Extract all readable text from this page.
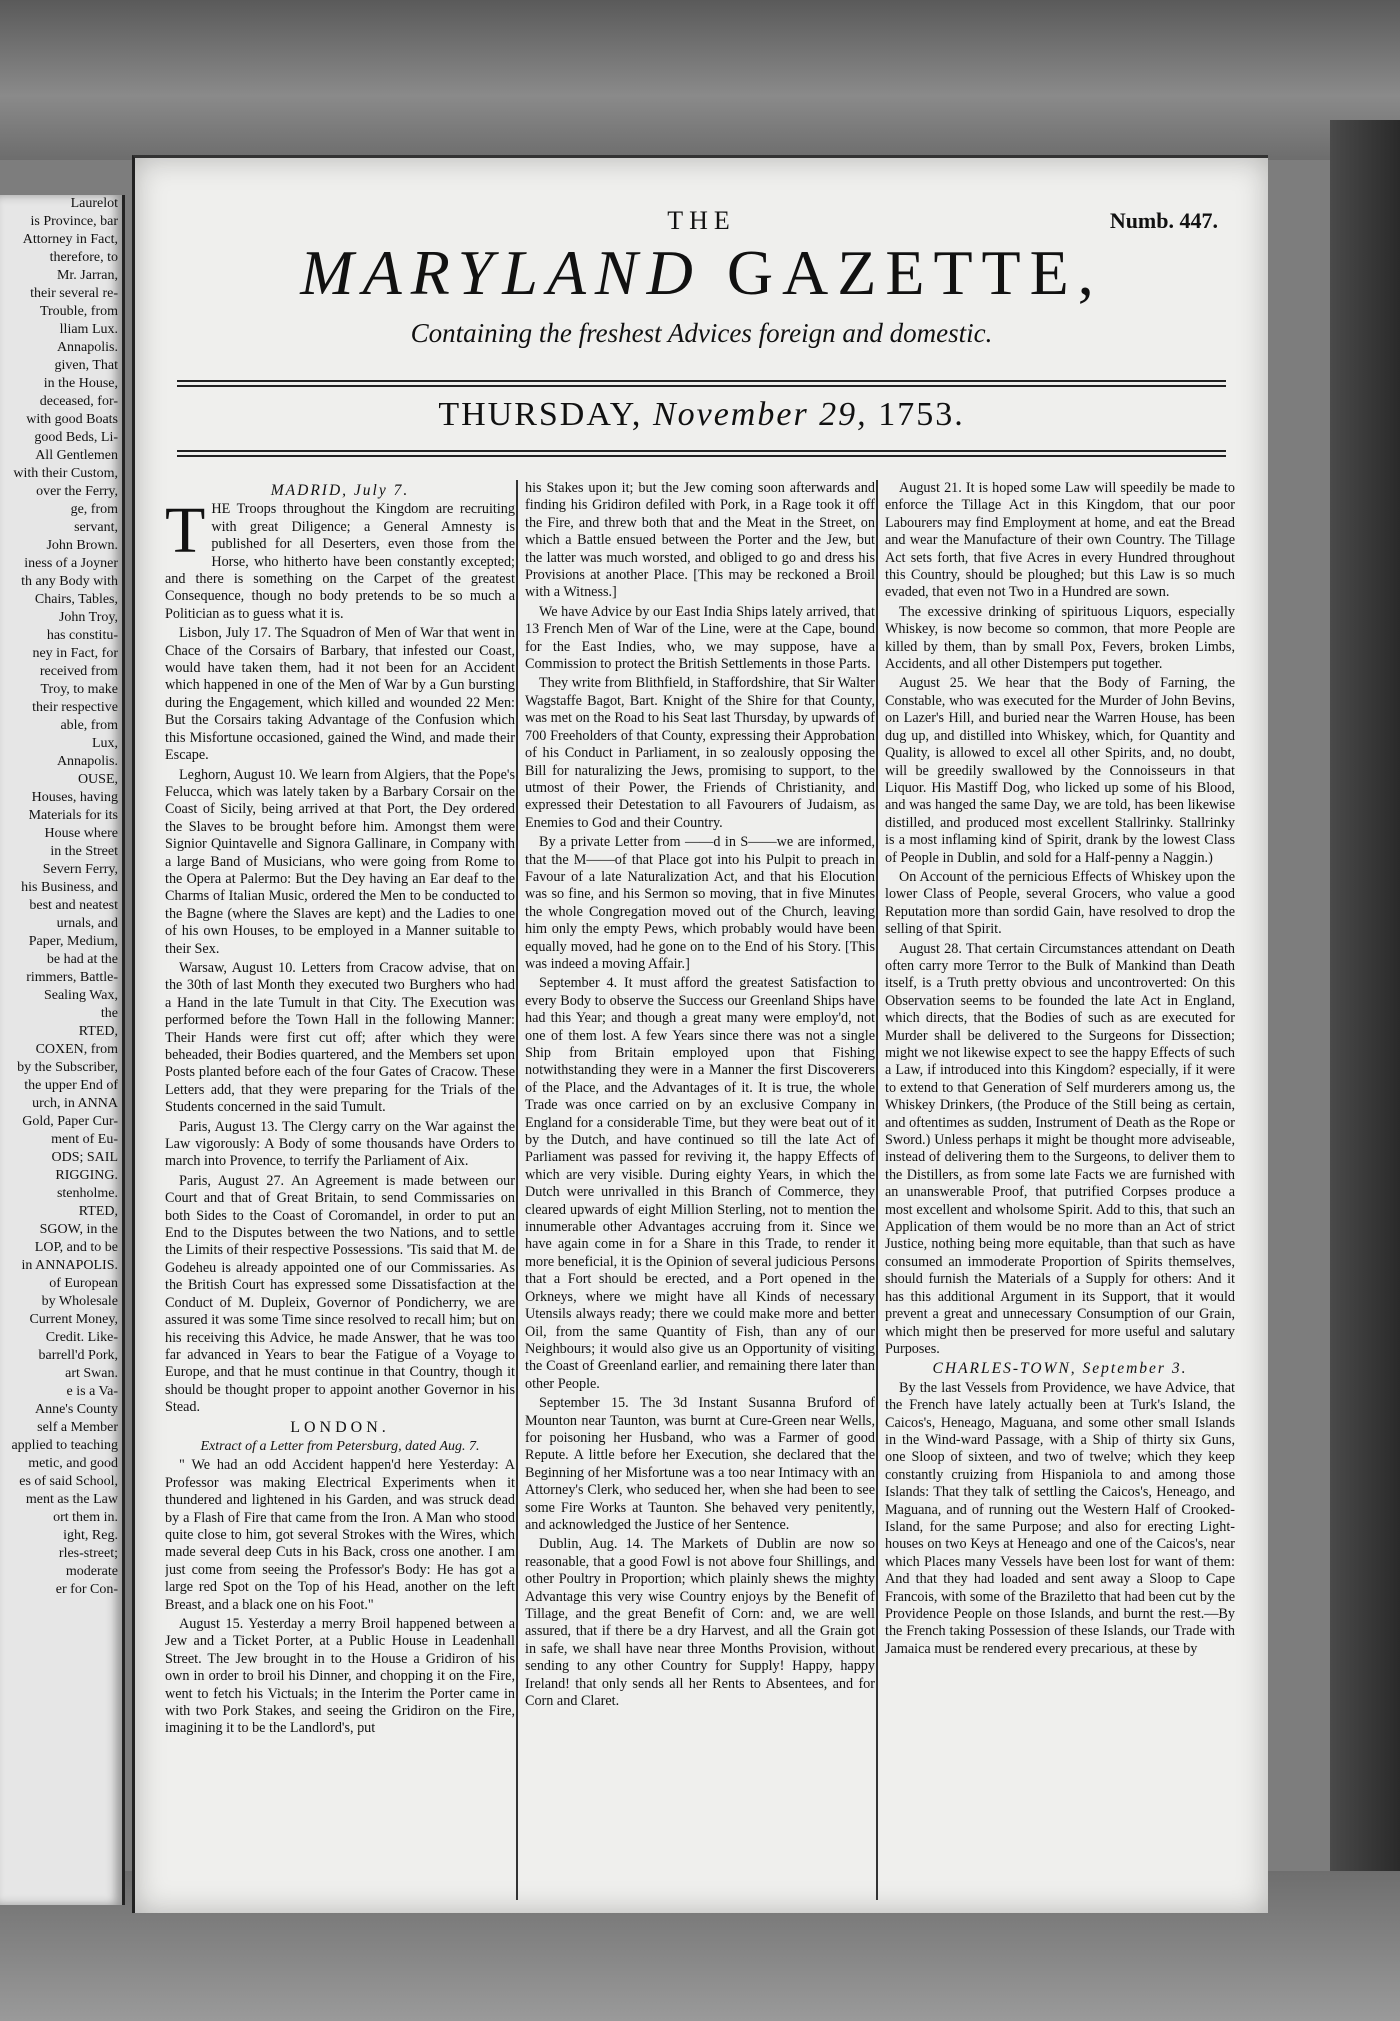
Laurelot
is Province, bar
Attorney in Fact,
therefore, to
Mr. Jarran,
their several re-
Trouble, from
lliam Lux.
Annapolis.
given, That
in the House,
deceased, for-
with good Boats
good Beds, Li-
All Gentlemen
with their Custom,
over the Ferry,
ge, from
servant,
John Brown.
iness of a Joyner
th any Body with
Chairs, Tables,
John Troy,
has constitu-
ney in Fact, for
received from
Troy, to make
their respective
able, from
Lux,
Annapolis.
OUSE,
Houses, having
Materials for its
House where
in the Street
Severn Ferry,
his Business, and
best and neatest
urnals, and
Paper, Medium,
be had at the
rimmers, Battle-
Sealing Wax,
the
RTED,
COXEN, from
by the Subscriber,
the upper End of
urch, in ANNA
Gold, Paper Cur-
ment of Eu-
ODS; SAIL
RIGGING.
stenholme.
RTED,
SGOW, in the
LOP, and to be
in ANNAPOLIS.
of European
by Wholesale
Current Money,
Credit. Like-
barrell'd Pork,
art Swan.
e is a Va-
Anne's County
self a Member
applied to teaching
metic, and good
es of said School,
ment as the Law
ort them in.
ight, Reg.
rles-street;
moderate
er for Con-
THE	Numb. 447.
MARYLAND GAZETTE,
Containing the freshest Advices foreign and domestic.
THURSDAY, November 29, 1753.
MADRID, July 7.

THE Troops throughout the Kingdom are recruiting with great Diligence; a General Amnesty is published for all Deserters, even those from the Horse, who hitherto have been constantly excepted; and there is something on the Carpet of the greatest Consequence, though no body pretends to be so much a Politician as to guess what it is.

Lisbon, July 17. The Squadron of Men of War that went in Chace of the Corsairs of Barbary, that infested our Coast, would have taken them, had it not been for an Accident which happened in one of the Men of War by a Gun bursting during the Engagement, which killed and wounded 22 Men: But the Corsairs taking Advantage of the Confusion which this Misfortune occasioned, gained the Wind, and made their Escape.

Leghorn, August 10. We learn from Algiers, that the Pope's Felucca, which was lately taken by a Barbary Corsair on the Coast of Sicily, being arrived at that Port, the Dey ordered the Slaves to be brought before him. Amongst them were Signior Quintavelle and Signora Gallinare, in Company with a large Band of Musicians, who were going from Rome to the Opera at Palermo: But the Dey having an Ear deaf to the Charms of Italian Music, ordered the Men to be conducted to the Bagne (where the Slaves are kept) and the Ladies to one of his own Houses, to be employed in a Manner suitable to their Sex.

Warsaw, August 10. Letters from Cracow advise, that on the 30th of last Month they executed two Burghers who had a Hand in the late Tumult in that City. The Execution was performed before the Town Hall in the following Manner: Their Hands were first cut off; after which they were beheaded, their Bodies quartered, and the Members set upon Posts planted before each of the four Gates of Cracow. These Letters add, that they were preparing for the Trials of the Students concerned in the said Tumult.

Paris, August 13. The Clergy carry on the War against the Law vigorously: A Body of some thousands have Orders to march into Provence, to terrify the Parliament of Aix.

Paris, August 27. An Agreement is made between our Court and that of Great Britain, to send Commissaries on both Sides to the Coast of Coromandel, in order to put an End to the Disputes between the two Nations, and to settle the Limits of their respective Possessions. 'Tis said that M. de Godeheu is already appointed one of our Commissaries. As the British Court has expressed some Dissatisfaction at the Conduct of M. Dupleix, Governor of Pondicherry, we are assured it was some Time since resolved to recall him; but on his receiving this Advice, he made Answer, that he was too far advanced in Years to bear the Fatigue of a Voyage to Europe, and that he must continue in that Country, though it should be thought proper to appoint another Governor in his Stead.

LONDON.
Extract of a Letter from Petersburg, dated Aug. 7.

" We had an odd Accident happen'd here Yesterday: A Professor was making Electrical Experiments when it thundered and lightened in his Garden, and was struck dead by a Flash of Fire that came from the Iron. A Man who stood quite close to him, got several Strokes with the Wires, which made several deep Cuts in his Back, cross one another. I am just come from seeing the Professor's Body: He has got a large red Spot on the Top of his Head, another on the left Breast, and a black one on his Foot."

August 15. Yesterday a merry Broil happened between a Jew and a Ticket Porter, at a Public House in Leadenhall Street. The Jew brought in to the House a Gridiron of his own in order to broil his Dinner, and chopping it on the Fire, went to fetch his Victuals; in the Interim the Porter came in with two Pork Stakes, and seeing the Gridiron on the Fire, imagining it to be the Landlord's, put

his Stakes upon it; but the Jew coming soon afterwards and finding his Gridiron defiled with Pork, in a Rage took it off the Fire, and threw both that and the Meat in the Street, on which a Battle ensued between the Porter and the Jew, but the latter was much worsted, and obliged to go and dress his Provisions at another Place. [This may be reckoned a Broil with a Witness.]

We have Advice by our East India Ships lately arrived, that 13 French Men of War of the Line, were at the Cape, bound for the East Indies, who, we may suppose, have a Commission to protect the British Settlements in those Parts.

They write from Blithfield, in Staffordshire, that Sir Walter Wagstaffe Bagot, Bart. Knight of the Shire for that County, was met on the Road to his Seat last Thursday, by upwards of 700 Freeholders of that County, expressing their Approbation of his Conduct in Parliament, in so zealously opposing the Bill for naturalizing the Jews, promising to support, to the utmost of their Power, the Friends of Christianity, and expressed their Detestation to all Favourers of Judaism, as Enemies to God and their Country.

By a private Letter from ——d in S——we are informed, that the M——of that Place got into his Pulpit to preach in Favour of a late Naturalization Act, and that his Elocution was so fine, and his Sermon so moving, that in five Minutes the whole Congregation moved out of the Church, leaving him only the empty Pews, which probably would have been equally moved, had he gone on to the End of his Story. [This was indeed a moving Affair.]

September 4. It must afford the greatest Satisfaction to every Body to observe the Success our Greenland Ships have had this Year; and though a great many were employ'd, not one of them lost. A few Years since there was not a single Ship from Britain employed upon that Fishing notwithstanding they were in a Manner the first Discoverers of the Place, and the Advantages of it. It is true, the whole Trade was once carried on by an exclusive Company in England for a considerable Time, but they were beat out of it by the Dutch, and have continued so till the late Act of Parliament was passed for reviving it, the happy Effects of which are very visible. During eighty Years, in which the Dutch were unrivalled in this Branch of Commerce, they cleared upwards of eight Million Sterling, not to mention the innumerable other Advantages accruing from it. Since we have again come in for a Share in this Trade, to render it more beneficial, it is the Opinion of several judicious Persons that a Fort should be erected, and a Port opened in the Orkneys, where we might have all Kinds of necessary Utensils always ready; there we could make more and better Oil, from the same Quantity of Fish, than any of our Neighbours; it would also give us an Opportunity of visiting the Coast of Greenland earlier, and remaining there later than other People.

September 15. The 3d Instant Susanna Bruford of Mounton near Taunton, was burnt at Cure-Green near Wells, for poisoning her Husband, who was a Farmer of good Repute. A little before her Execution, she declared that the Beginning of her Misfortune was a too near Intimacy with an Attorney's Clerk, who seduced her, when she had been to see some Fire Works at Taunton. She behaved very penitently, and acknowledged the Justice of her Sentence.

Dublin, Aug. 14. The Markets of Dublin are now so reasonable, that a good Fowl is not above four Shillings, and other Poultry in Proportion; which plainly shews the mighty Advantage this very wise Country enjoys by the Benefit of Tillage, and the great Benefit of Corn: and, we are well assured, that if there be a dry Harvest, and all the Grain got in safe, we shall have near three Months Provision, without sending to any other Country for Supply! Happy, happy Ireland! that only sends all her Rents to Absentees, and for Corn and Claret.

August 21. It is hoped some Law will speedily be made to enforce the Tillage Act in this Kingdom, that our poor Labourers may find Employment at home, and eat the Bread and wear the Manufacture of their own Country. The Tillage Act sets forth, that five Acres in every Hundred throughout this Country, should be ploughed; but this Law is so much evaded, that even not Two in a Hundred are sown.

The excessive drinking of spirituous Liquors, especially Whiskey, is now become so common, that more People are killed by them, than by small Pox, Fevers, broken Limbs, Accidents, and all other Distempers put together.

August 25. We hear that the Body of Farning, the Constable, who was executed for the Murder of John Bevins, on Lazer's Hill, and buried near the Warren House, has been dug up, and distilled into Whiskey, which, for Quantity and Quality, is allowed to excel all other Spirits, and, no doubt, will be greedily swallowed by the Connoisseurs in that Liquor. His Mastiff Dog, who licked up some of his Blood, and was hanged the same Day, we are told, has been likewise distilled, and produced most excellent Stallrinky. Stallrinky is a most inflaming kind of Spirit, drank by the lowest Class of People in Dublin, and sold for a Half-penny a Naggin.)

On Account of the pernicious Effects of Whiskey upon the lower Class of People, several Grocers, who value a good Reputation more than sordid Gain, have resolved to drop the selling of that Spirit.

August 28. That certain Circumstances attendant on Death often carry more Terror to the Bulk of Mankind than Death itself, is a Truth pretty obvious and uncontroverted: On this Observation seems to be founded the late Act in England, which directs, that the Bodies of such as are executed for Murder shall be delivered to the Surgeons for Dissection; might we not likewise expect to see the happy Effects of such a Law, if introduced into this Kingdom? especially, if it were to extend to that Generation of Self murderers among us, the Whiskey Drinkers, (the Produce of the Still being as certain, and oftentimes as sudden, Instrument of Death as the Rope or Sword.) Unless perhaps it might be thought more adviseable, instead of delivering them to the Surgeons, to deliver them to the Distillers, as from some late Facts we are furnished with an unanswerable Proof, that putrified Corpses produce a most excellent and wholsome Spirit. Add to this, that such an Application of them would be no more than an Act of strict Justice, nothing being more equitable, than that such as have consumed an immoderate Proportion of Spirits themselves, should furnish the Materials of a Supply for others: And it has this additional Argument in its Support, that it would prevent a great and unnecessary Consumption of our Grain, which might then be preserved for more useful and salutary Purposes.

CHARLES-TOWN, September 3.

By the last Vessels from Providence, we have Advice, that the French have lately actually been at Turk's Island, the Caicos's, Heneago, Maguana, and some other small Islands in the Wind-ward Passage, with a Ship of thirty six Guns, one Sloop of sixteen, and two of twelve; which they keep constantly cruizing from Hispaniola to and among those Islands: That they talk of settling the Caicos's, Heneago, and Maguana, and of running out the Western Half of Crooked-Island, for the same Purpose; and also for erecting Light-houses on two Keys at Heneago and one of the Caicos's, near which Places many Vessels have been lost for want of them: And that they had loaded and sent away a Sloop to Cape Francois, with some of the Braziletto that had been cut by the Providence People on those Islands, and burnt the rest.—By the French taking Possession of these Islands, our Trade with Jamaica must be rendered every precarious, at these by
